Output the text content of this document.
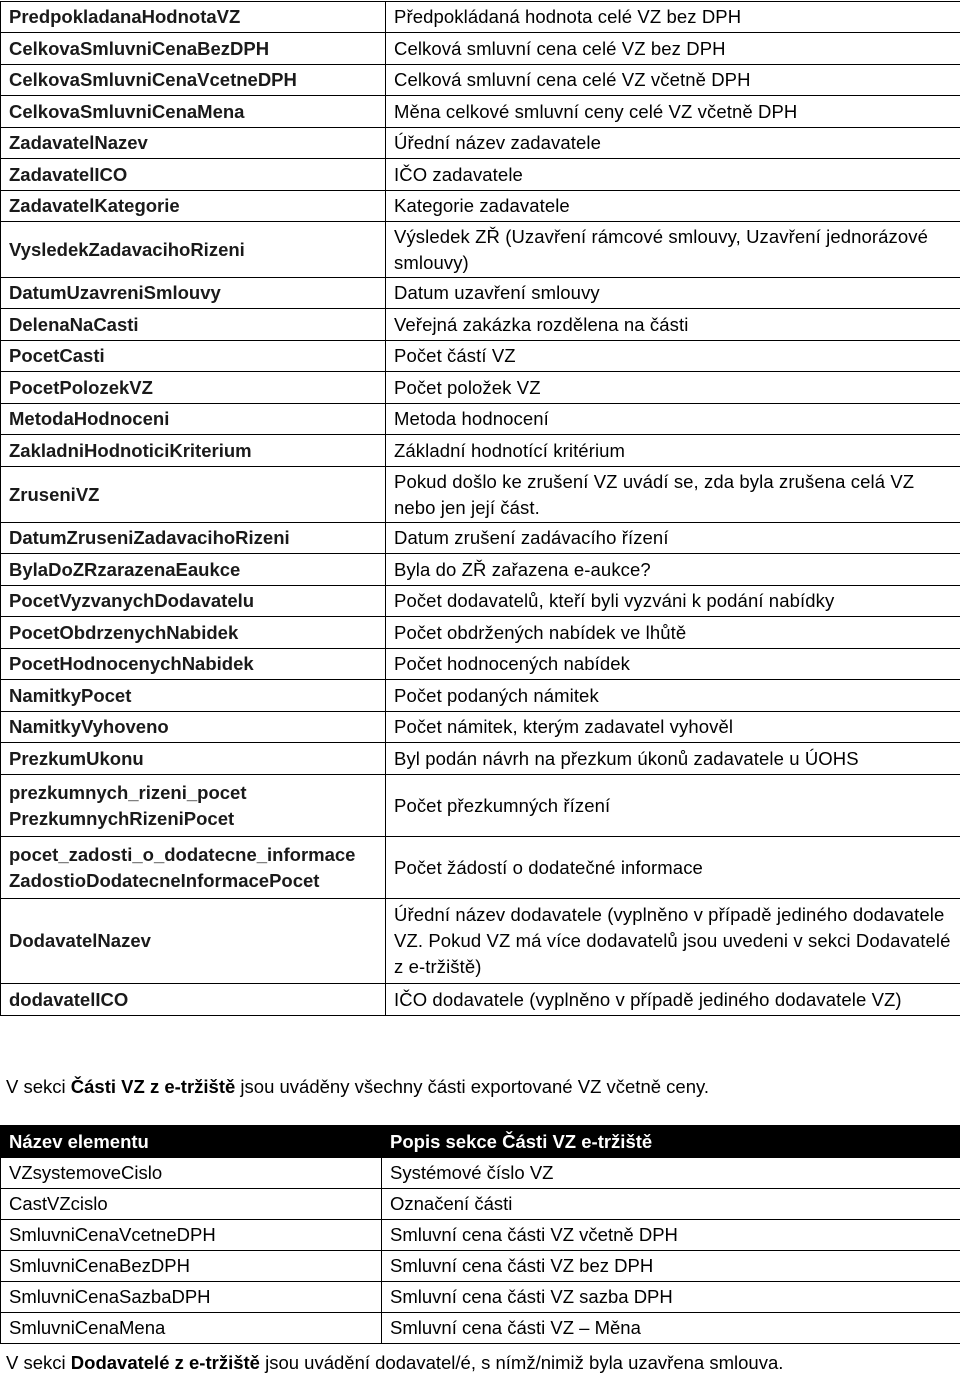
PredpokladanaHodnotaVZ	Předpokládaná hodnota celé VZ bez DPH
CelkovaSmluvniCenaBezDPH	Celková smluvní cena celé VZ bez DPH
CelkovaSmluvniCenaVcetneDPH	Celková smluvní cena celé VZ včetně DPH
CelkovaSmluvniCenaMena	Měna celkové smluvní ceny celé VZ včetně DPH
ZadavatelNazev	Úřední název zadavatele
ZadavatelICO	IČO zadavatele
ZadavatelKategorie	Kategorie zadavatele
VysledekZadavacihoRizeni	Výsledek ZŘ (Uzavření rámcové smlouvy, Uzavření jednorázové smlouvy)
DatumUzavreniSmlouvy	Datum uzavření smlouvy
DelenaNaCasti	Veřejná zakázka rozdělena na části
PocetCasti	Počet částí VZ
PocetPolozekVZ	Počet položek VZ
MetodaHodnoceni	Metoda hodnocení
ZakladniHodnoticiKriterium	Základní hodnotící kritérium
ZruseniVZ	Pokud došlo ke zrušení VZ uvádí se, zda byla zrušena celá VZ nebo jen její část.
DatumZruseniZadavacihoRizeni	Datum zrušení zadávacího řízení
BylaDoZRzarazenaEaukce	Byla do ZŘ zařazena e-aukce?
PocetVyzvanychDodavatelu	Počet dodavatelů, kteří byli vyzváni k podání nabídky
PocetObdrzenychNabidek	Počet obdržených nabídek ve lhůtě
PocetHodnocenychNabidek	Počet hodnocených nabídek
NamitkyPocet	Počet podaných námitek
NamitkyVyhoveno	Počet námitek, kterým zadavatel vyhověl
PrezkumUkonu	Byl podán návrh na přezkum úkonů zadavatele u ÚOHS
prezkumnych_rizeni_pocet PrezkumnychRizeniPocet	Počet přezkumných řízení
pocet_zadosti_o_dodatecne_informace ZadostioDodatecneInformacePocet	Počet žádostí o dodatečné informace
DodavatelNazev	Úřední název dodavatele (vyplněno v případě jediného dodavatele VZ. Pokud VZ má více dodavatelů jsou uvedeni v sekci Dodavatelé z e-tržiště)
dodavatelICO	IČO dodavatele (vyplněno v případě jediného dodavatele VZ)

V sekci Části VZ z e-tržiště jsou uváděny všechny části exportované VZ včetně ceny.

Název elementu	Popis sekce Části VZ e-tržiště
VZsystemoveCislo	Systémové číslo VZ
CastVZcislo	Označení části
SmluvniCenaVcetneDPH	Smluvní cena části VZ včetně DPH
SmluvniCenaBezDPH	Smluvní cena části VZ bez DPH
SmluvniCenaSazbaDPH	Smluvní cena části VZ sazba DPH
SmluvniCenaMena	Smluvní cena části VZ – Měna

V sekci Dodavatelé z e-tržiště jsou uvádění dodavatel/é, s nímž/nimiž byla uzavřena smlouva.
